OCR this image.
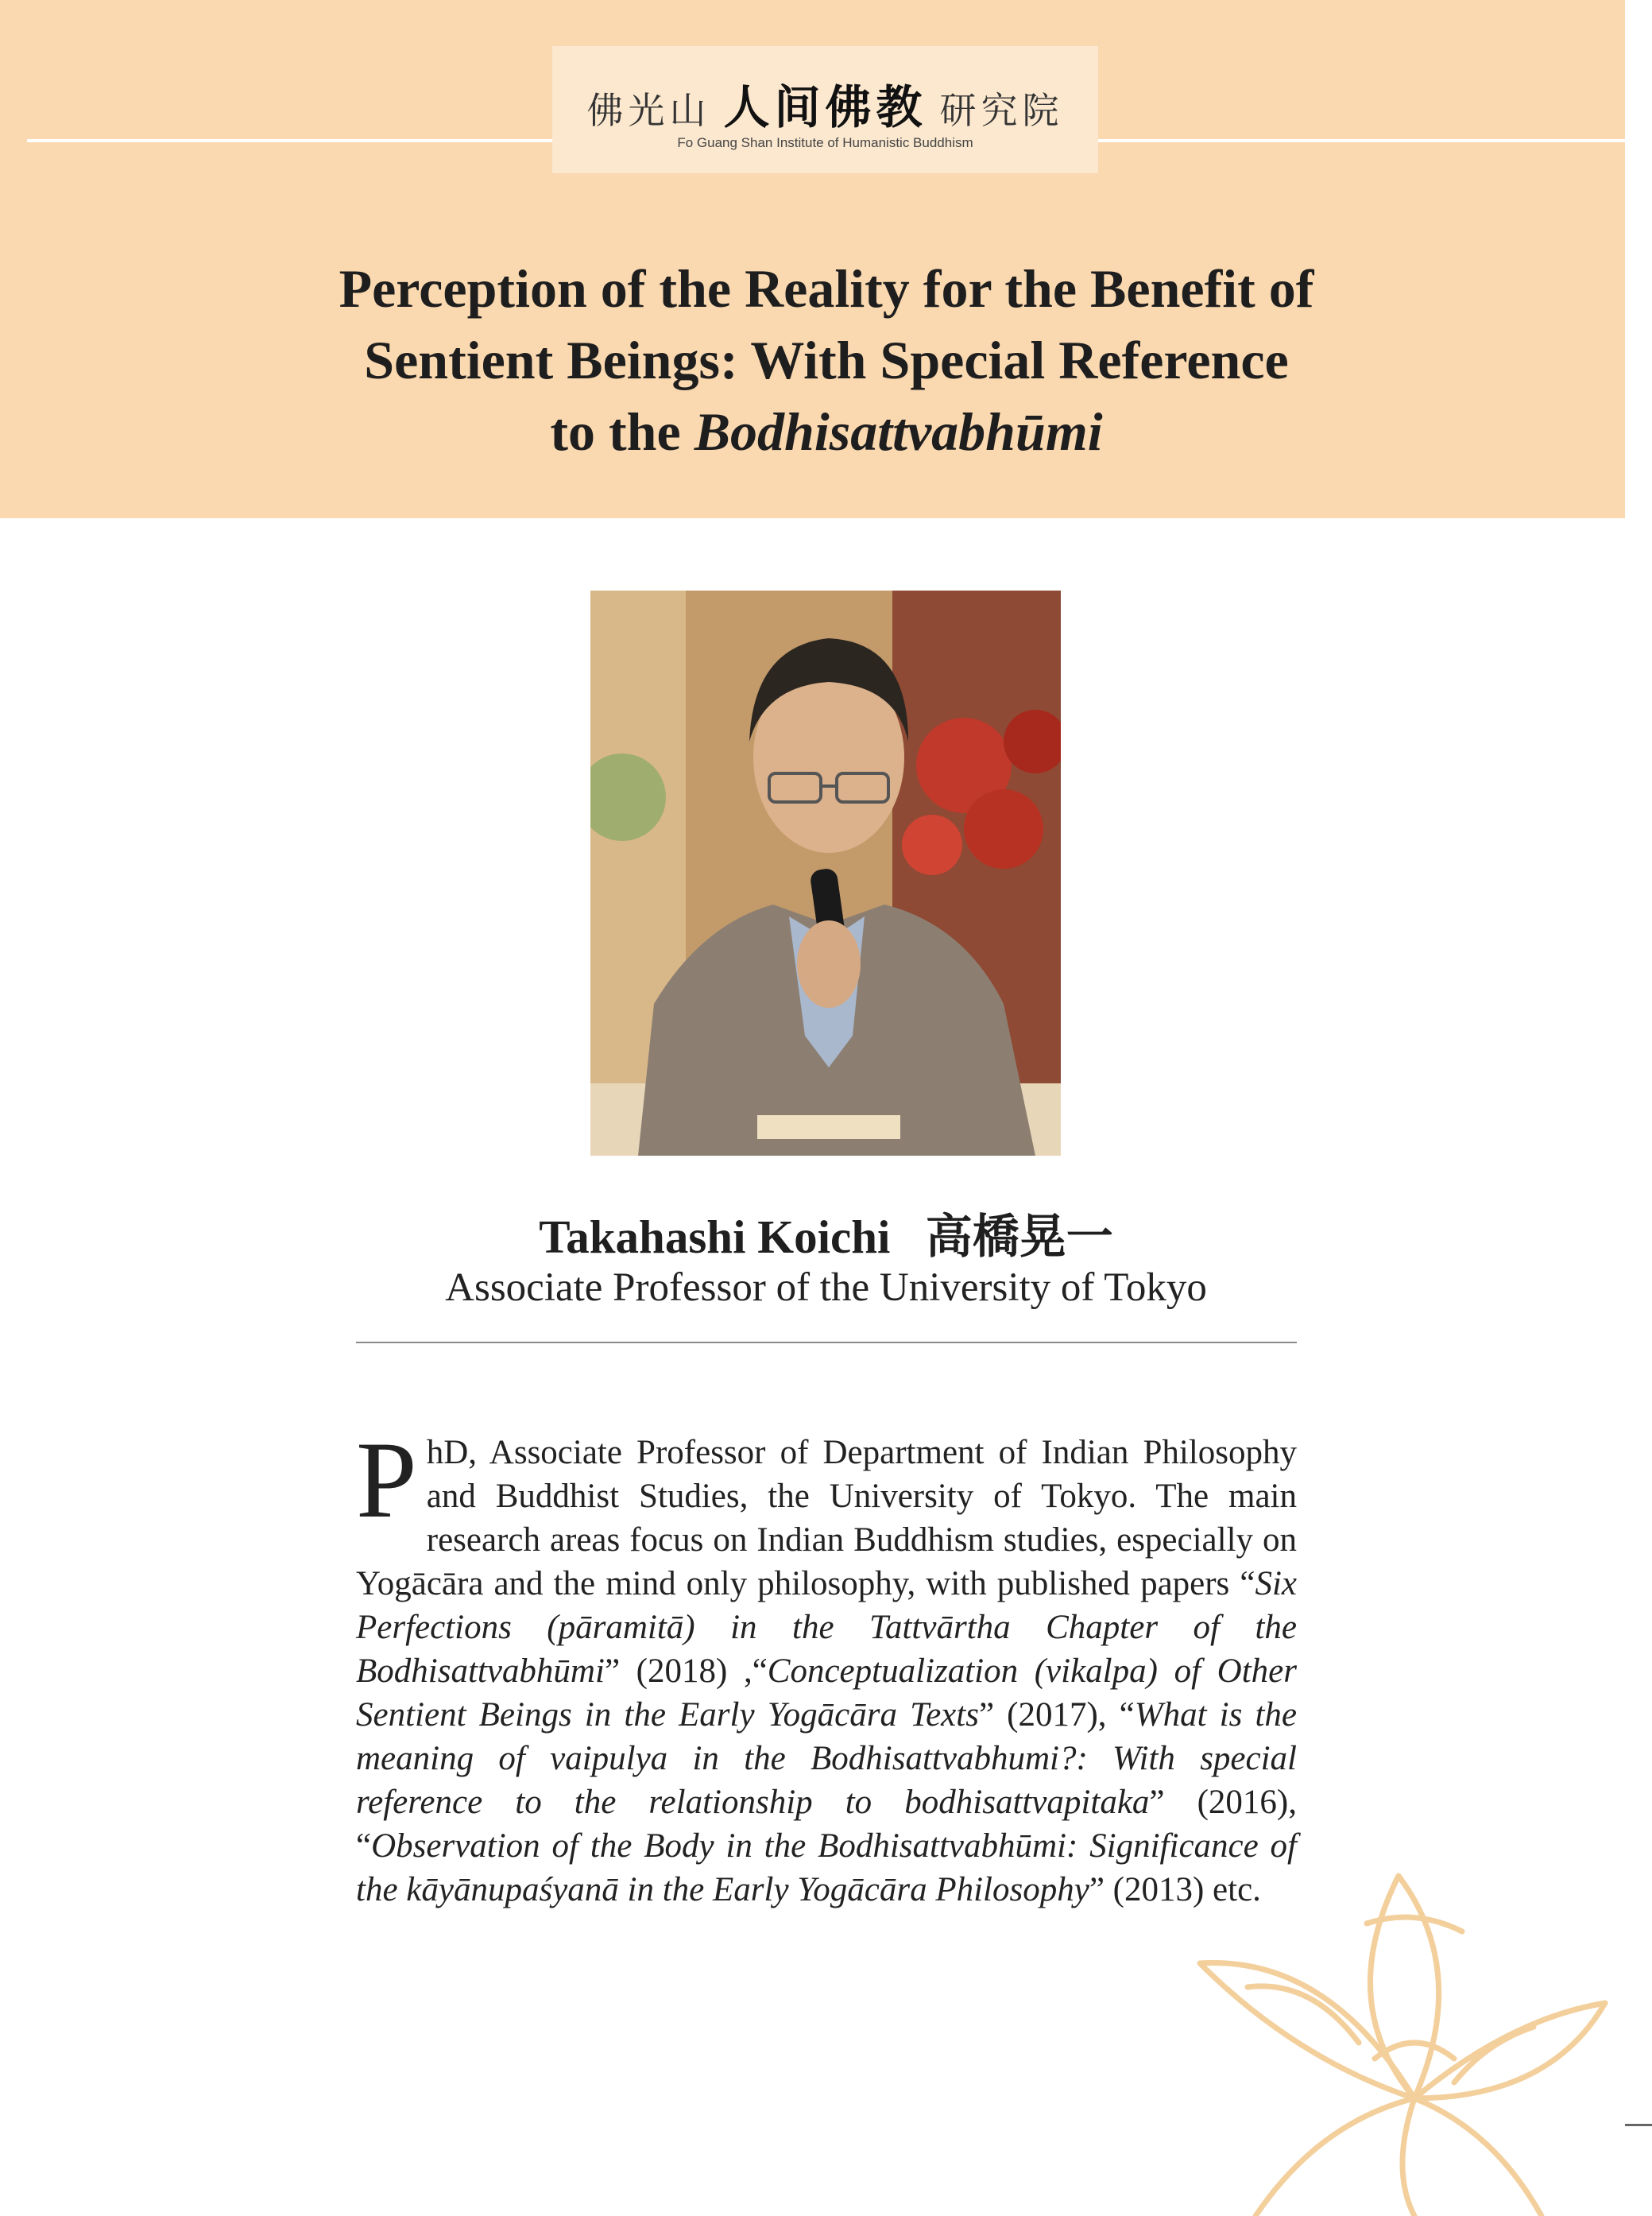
佛光山 人间佛教 研究院
Fo Guang Shan Institute of Humanistic Buddhism
Perception of the Reality for the Benefit of
Sentient Beings: With Special Reference
to the Bodhisattvabhūmi
Takahashi Koichi 高橋晃一
Associate Professor of the University of Tokyo

PhD, Associate Professor of Department of Indian Philosophy and Buddhist Studies, the University of Tokyo. The main research areas focus on Indian Buddhism studies, especially on Yogācāra and the mind only philosophy, with published papers “Six Perfections (pāramitā) in the Tattvārtha Chapter of the Bodhisattvabhūmi” (2018) ,“Conceptualization (vikalpa) of Other Sentient Beings in the Early Yogācāra Texts” (2017), “What is the meaning of vaipulya in the Bodhisattvabhumi?: With special reference to the relationship to bodhisattvapitaka” (2016), “Observation of the Body in the Bodhisattvabhūmi: Significance of the kāyānupaśyanā in the Early Yogācāra Philosophy” (2013) etc.
